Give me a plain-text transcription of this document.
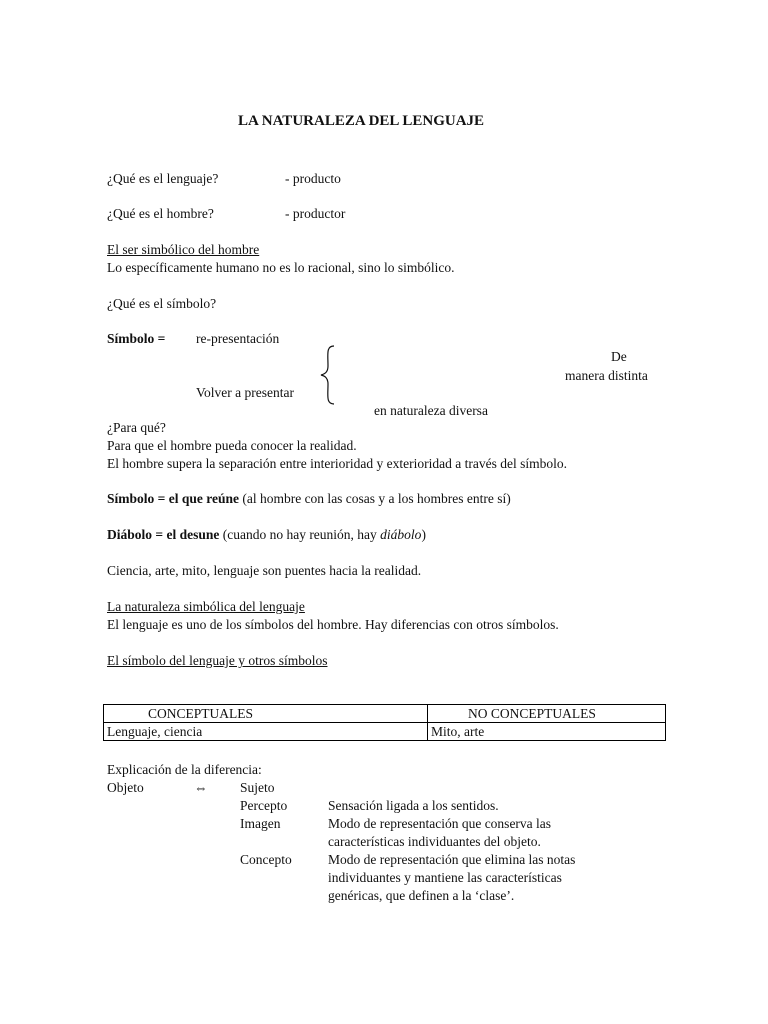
LA NATURALEZA DEL LENGUAJE
¿Qué es el lenguaje?	- producto
¿Qué es el hombre?	- productor
El ser simbólico del hombre
Lo específicamente humano no es lo racional, sino lo simbólico.
¿Qué es el símbolo?
Símbolo = re-presentación
De
manera distinta
Volver a presentar
en naturaleza diversa
¿Para qué?
Para que el hombre pueda conocer la realidad.
El hombre supera la separación entre interioridad y exterioridad a través del símbolo.
Símbolo = el que reúne (al hombre con las cosas y a los hombres entre sí)
Diábolo = el desune (cuando no hay reunión, hay diábolo)
Ciencia, arte, mito, lenguaje son puentes hacia la realidad.
La naturaleza simbólica del lenguaje
El lenguaje es uno de los símbolos del hombre. Hay diferencias con otros símbolos.
El símbolo del lenguaje y otros símbolos
CONCEPTUALES	NO CONCEPTUALES
Lenguaje, ciencia	Mito, arte
Explicación de la diferencia:
Objeto	⇔ Sujeto
Percepto	Sensación ligada a los sentidos.
Imagen	Modo de representación que conserva las
características individuantes del objeto.
Concepto	Modo de representación que elimina las notas
individuantes y mantiene las características
genéricas, que definen a la ‘clase’.
